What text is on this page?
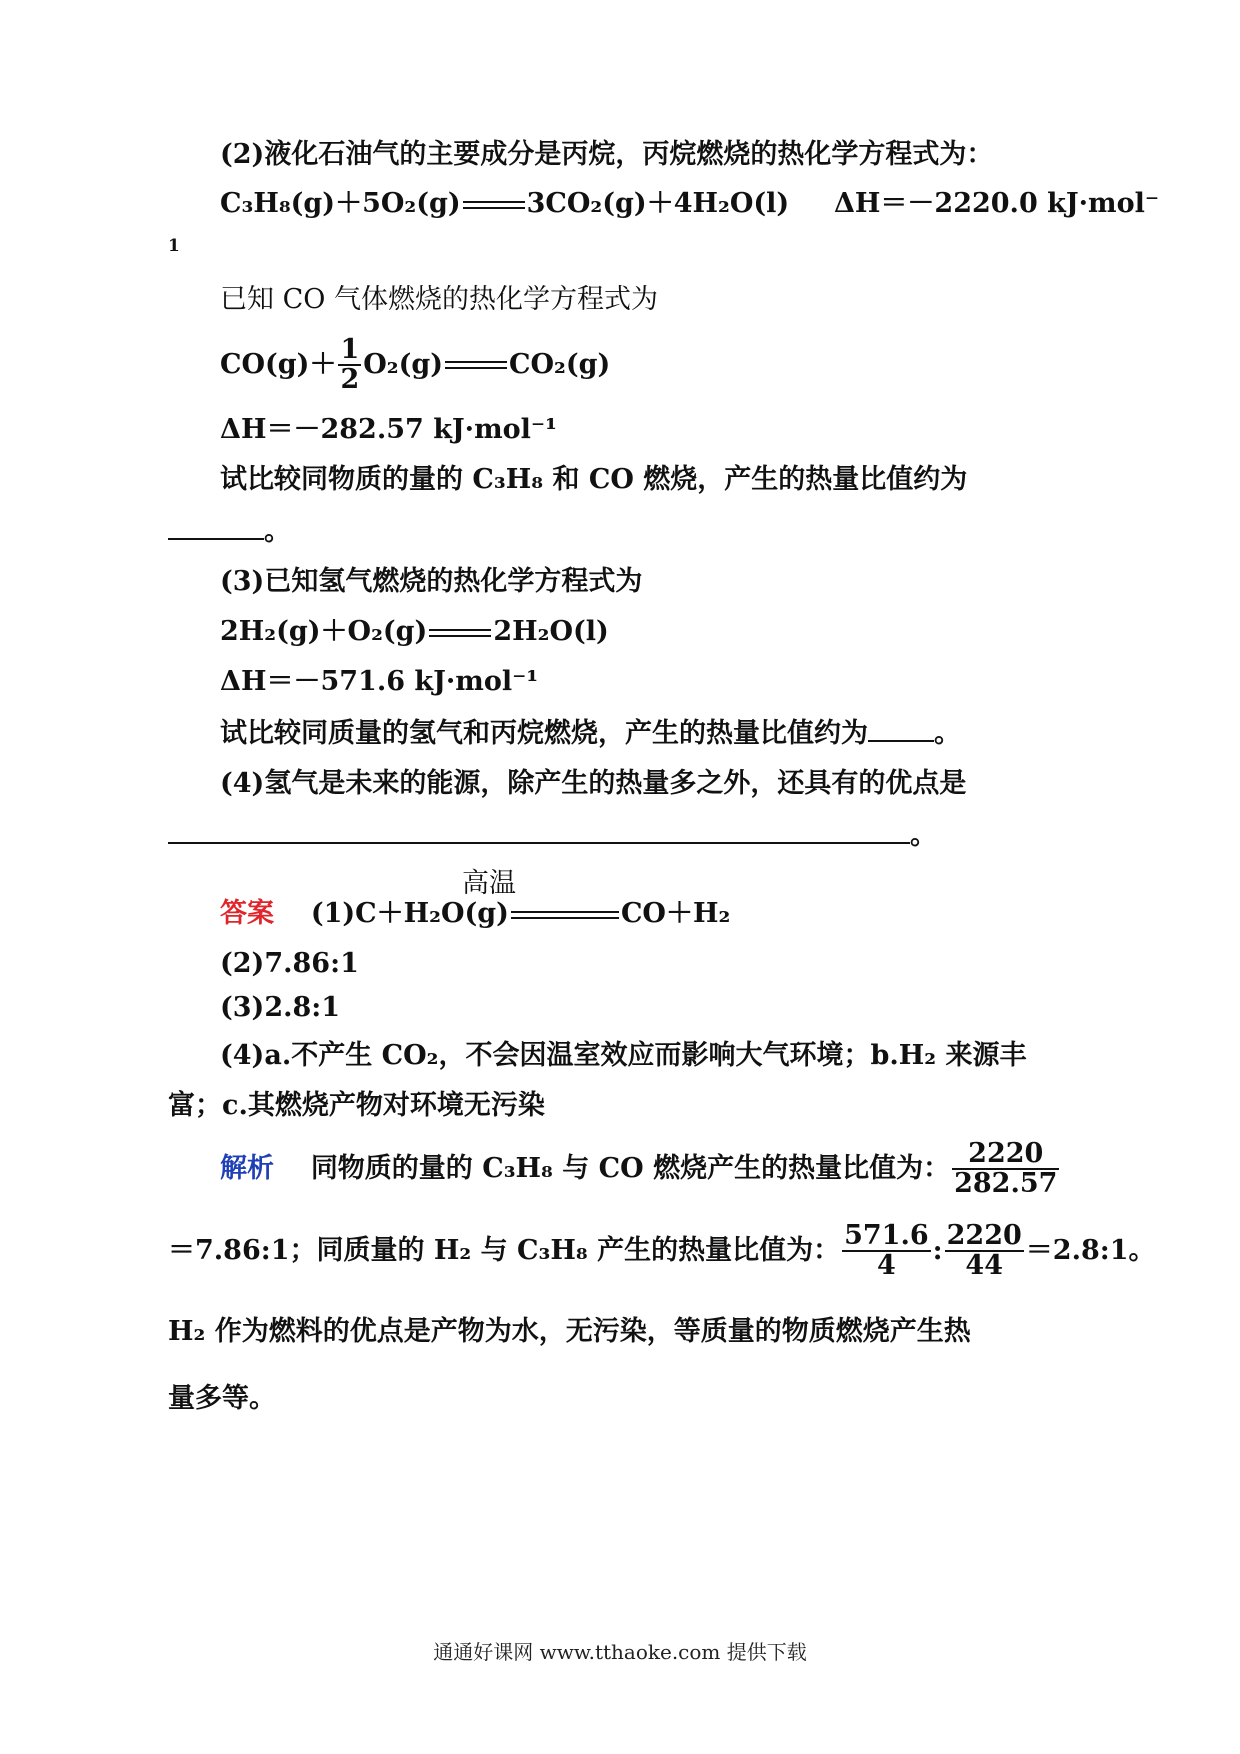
(2)液化石油气的主要成分是丙烷，丙烷燃烧的热化学方程式为：
C₃H₈(g)＋5O₂(g) 3CO₂(g)＋4H₂O(l) ΔH＝－2220.0 kJ·mol⁻
1
已知 CO 气体燃烧的热化学方程式为
$CO(g)+ \frac{1}{2} O_2(g)$ CO₂(g)
ΔH＝－282.57 kJ·mol⁻¹
试比较同物质的量的 C₃H₈ 和 CO 燃烧，产生的热量比值约为
。
(3)已知氢气燃烧的热化学方程式为
2H₂(g)＋O₂(g) 2H₂O(l)
ΔH＝－571.6 kJ·mol⁻¹
试比较同质量的氢气和丙烷燃烧，产生的热量比值约为 。
(4)氢气是未来的能源，除产生的热量多之外，还具有的优点是
。
高温
答案 (1)C＋H₂O(g)	CO＋H₂
(2)7.86:1
(3)2.8:1
(4)a.不产生 CO₂，不会因温室效应而影响大气环境；b.H₂ 来源丰
富；c.其燃烧产物对环境无污染
解析 同物质的量的 C₃H₈ 与 CO 燃烧产生的热量比值为： $\frac{2220}{282.57}$
＝7.86:1；同质量的 H₂ 与 C₃H₈ 产生的热量比值为： $\frac{571.6}{4}$ : $\frac{2220}{44}$ ＝2.8:1。
H₂ 作为燃料的优点是产物为水，无污染，等质量的物质燃烧产生热
量多等。
通通好课网 www.tthaoke.com 提供下载
